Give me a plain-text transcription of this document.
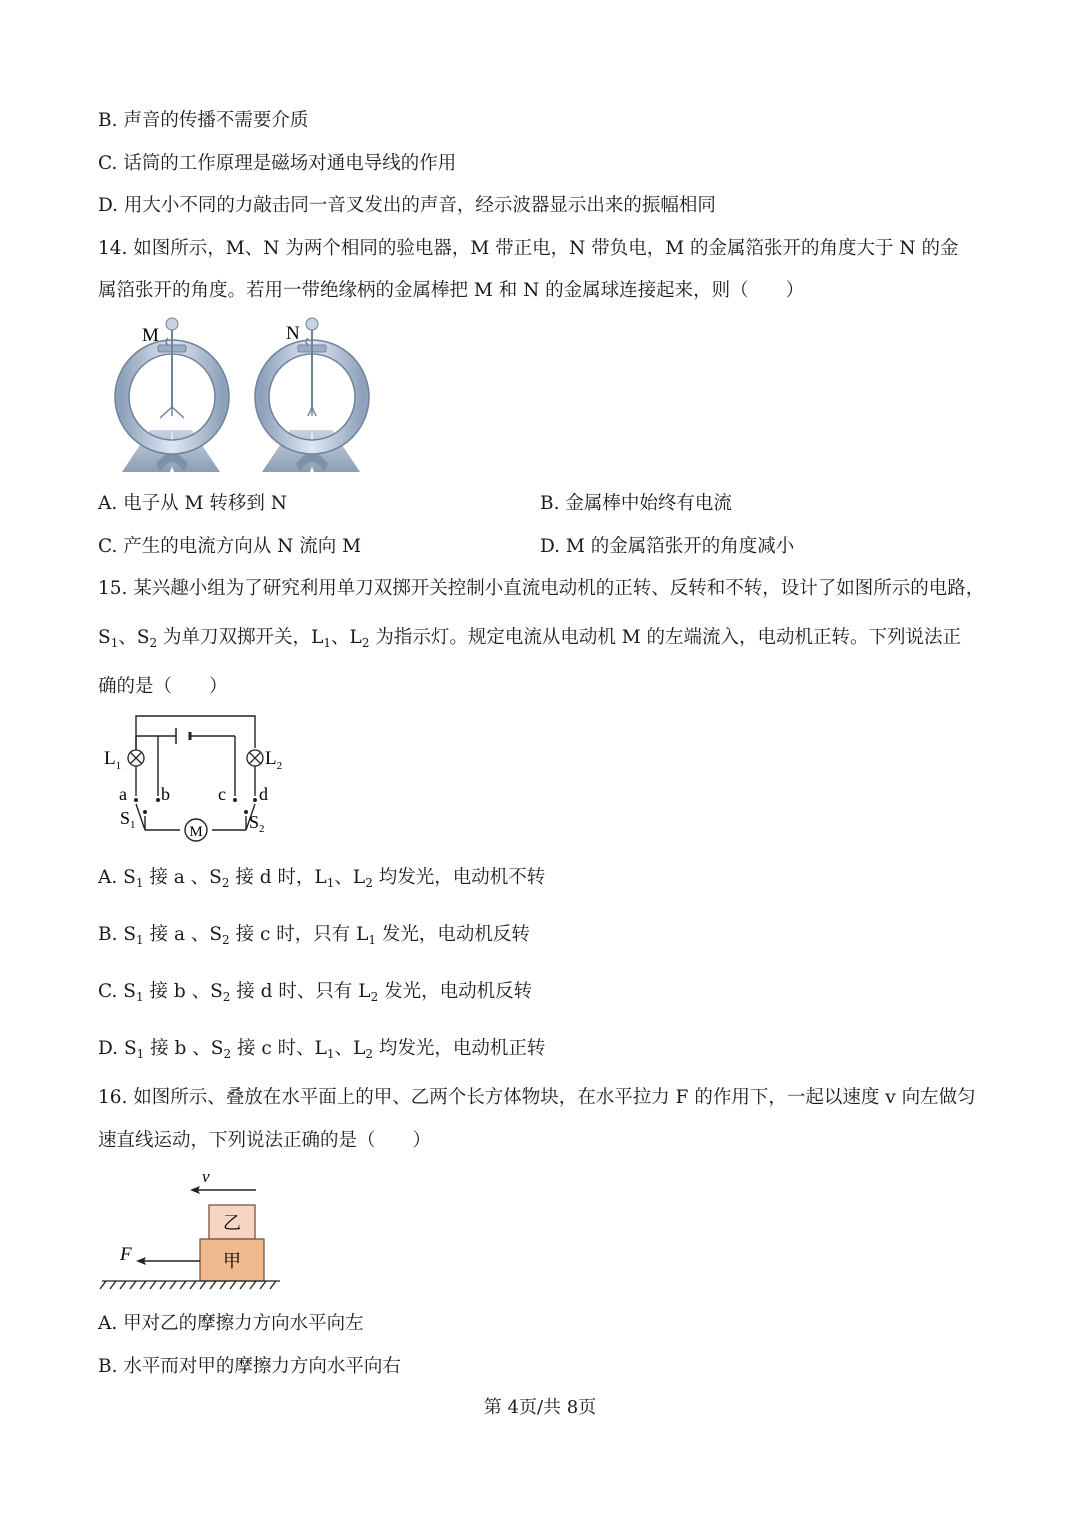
B. 声音的传播不需要介质
C. 话筒的工作原理是磁场对通电导线的作用
D. 用大小不同的力敲击同一音叉发出的声音，经示波器显示出来的振幅相同
14. 如图所示，M、N 为两个相同的验电器，M 带正电，N 带负电，M 的金属箔张开的角度大于 N 的金
属箔张开的角度。若用一带绝缘柄的金属棒把 M 和 N 的金属球连接起来，则（　　）
M	N
A. 电子从 M 转移到 N	B. 金属棒中始终有电流
C. 产生的电流方向从 N 流向 M	D. M 的金属箔张开的角度减小
15. 某兴趣小组为了研究利用单刀双掷开关控制小直流电动机的正转、反转和不转，设计了如图所示的电路，
$S_1$、$S_2$ 为单刀双掷开关，$L_1$、$L_2$ 为指示灯。规定电流从电动机 M 的左端流入，电动机正转。下列说法正
确的是（　　）
M
$L_1$	$L_2$
a b	c d
$S_1$	$S_2$
A. $S_1$ 接 a 、$S_2$ 接 d 时，$L_1$、$L_2$ 均发光，电动机不转
B. $S_1$ 接 a 、$S_2$ 接 c 时，只有 $L_1$ 发光，电动机反转
C. $S_1$ 接 b 、$S_2$ 接 d 时、只有 $L_2$ 发光，电动机反转
D. $S_1$ 接 b 、$S_2$ 接 c 时、$L_1$、$L_2$ 均发光，电动机正转
16. 如图所示、叠放在水平面上的甲、乙两个长方体物块，在水平拉力 F 的作用下，一起以速度 v 向左做匀
速直线运动，下列说法正确的是（　　）
v
乙
甲
F
A. 甲对乙的摩擦力方向水平向左
B. 水平而对甲的摩擦力方向水平向右
第 4页/共 8页
